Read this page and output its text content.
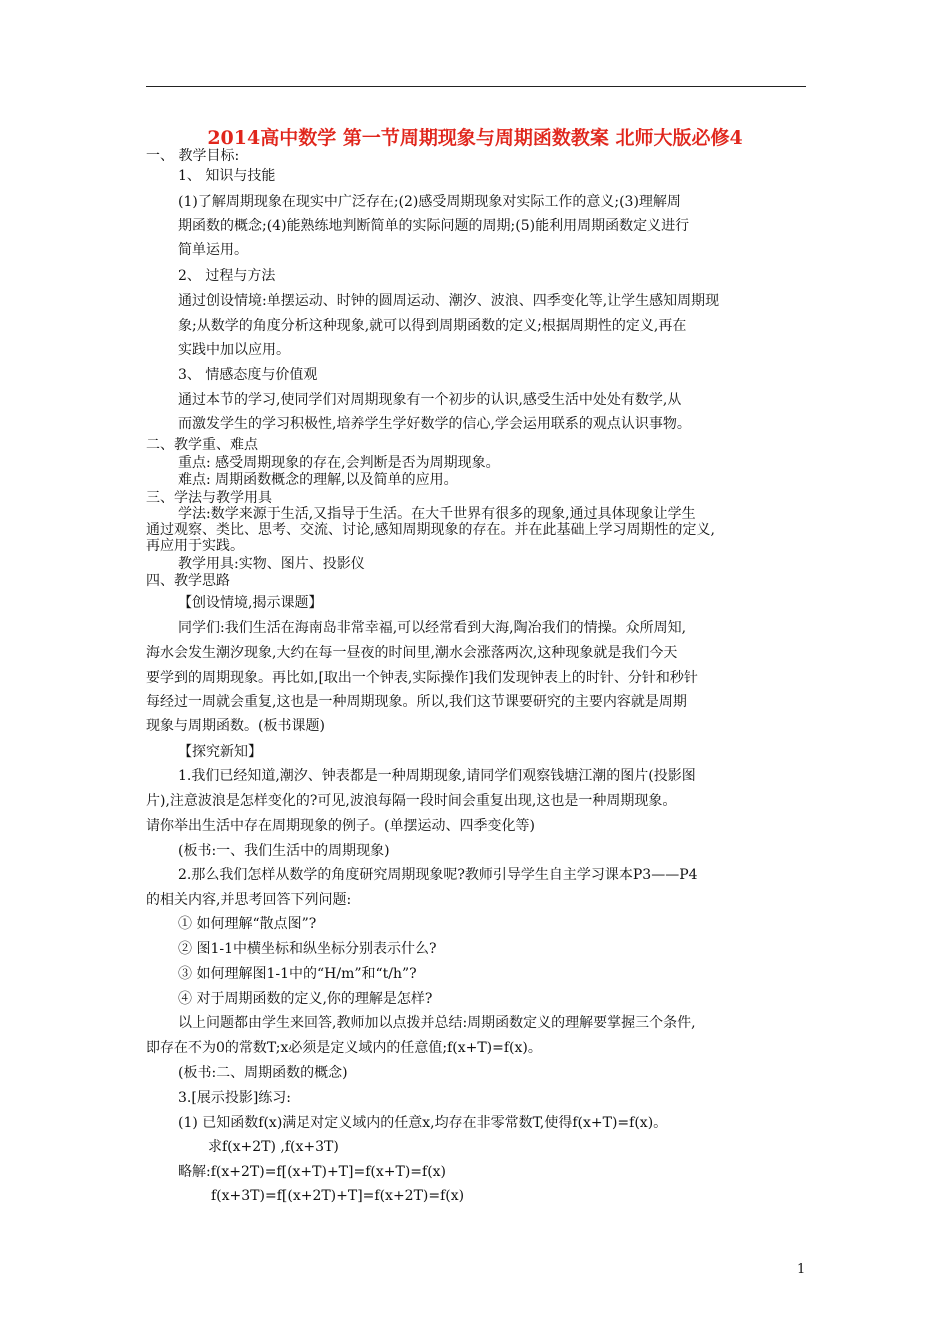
2014高中数学 第一节周期现象与周期函数教案 北师大版必修4
一、 教学目标:
1、 知识与技能
(1)了解周期现象在现实中广泛存在;(2)感受周期现象对实际工作的意义;(3)理解周
期函数的概念;(4)能熟练地判断简单的实际问题的周期;(5)能利用周期函数定义进行
简单运用。
2、 过程与方法
通过创设情境:单摆运动、时钟的圆周运动、潮汐、波浪、四季变化等,让学生感知周期现
象;从数学的角度分析这种现象,就可以得到周期函数的定义;根据周期性的定义,再在
实践中加以应用。
3、 情感态度与价值观
通过本节的学习,使同学们对周期现象有一个初步的认识,感受生活中处处有数学,从
而激发学生的学习积极性,培养学生学好数学的信心,学会运用联系的观点认识事物。
二、教学重、难点
重点: 感受周期现象的存在,会判断是否为周期现象。
难点: 周期函数概念的理解,以及简单的应用。
三、学法与教学用具
学法:数学来源于生活,又指导于生活。在大千世界有很多的现象,通过具体现象让学生
通过观察、类比、思考、交流、讨论,感知周期现象的存在。并在此基础上学习周期性的定义,
再应用于实践。
教学用具:实物、图片、投影仪
四、教学思路
【创设情境,揭示课题】
同学们:我们生活在海南岛非常幸福,可以经常看到大海,陶冶我们的情操。众所周知,
海水会发生潮汐现象,大约在每一昼夜的时间里,潮水会涨落两次,这种现象就是我们今天
要学到的周期现象。再比如,[取出一个钟表,实际操作]我们发现钟表上的时针、分针和秒针
每经过一周就会重复,这也是一种周期现象。所以,我们这节课要研究的主要内容就是周期
现象与周期函数。(板书课题)
【探究新知】
1.我们已经知道,潮汐、钟表都是一种周期现象,请同学们观察钱塘江潮的图片(投影图
片),注意波浪是怎样变化的?可见,波浪每隔一段时间会重复出现,这也是一种周期现象。
请你举出生活中存在周期现象的例子。(单摆运动、四季变化等)
(板书:一、我们生活中的周期现象)
2.那么我们怎样从数学的角度研究周期现象呢?教师引导学生自主学习课本P3——P4
的相关内容,并思考回答下列问题:
① 如何理解“散点图”?
② 图1-1中横坐标和纵坐标分别表示什么?
③ 如何理解图1-1中的“H/m”和“t/h”?
④ 对于周期函数的定义,你的理解是怎样?
以上问题都由学生来回答,教师加以点拨并总结:周期函数定义的理解要掌握三个条件,
即存在不为0的常数T;x必须是定义域内的任意值;f(x+T)=f(x)。
(板书:二、周期函数的概念)
3.[展示投影]练习:
(1) 已知函数f(x)满足对定义域内的任意x,均存在非零常数T,使得f(x+T)=f(x)。
求f(x+2T) ,f(x+3T)
略解:f(x+2T)=f[(x+T)+T]=f(x+T)=f(x)
f(x+3T)=f[(x+2T)+T]=f(x+2T)=f(x)
1
